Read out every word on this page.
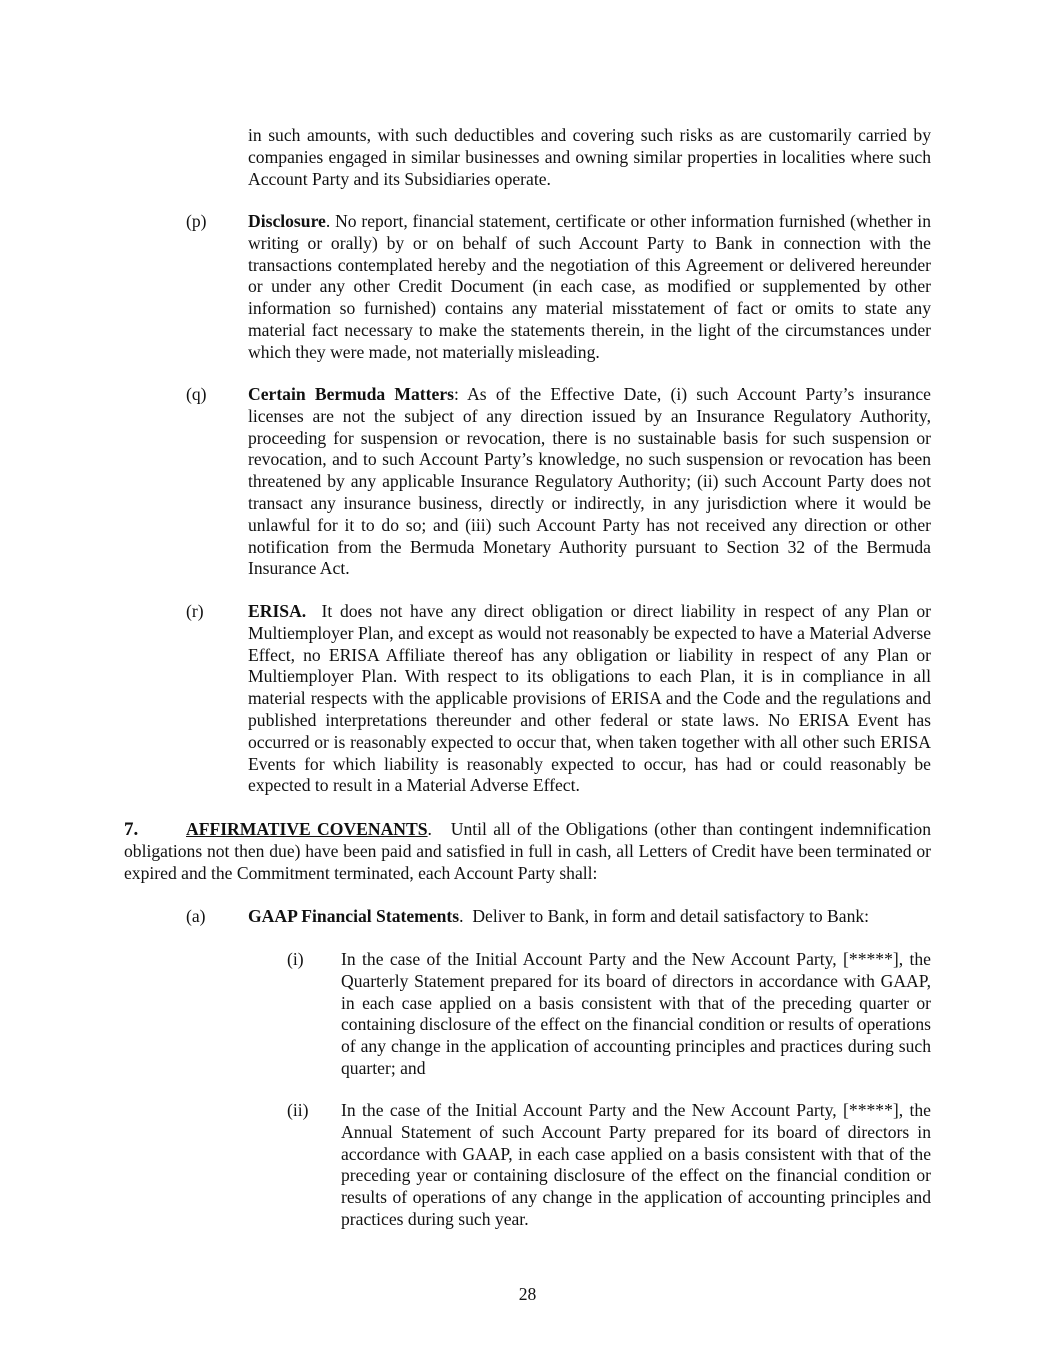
in such amounts, with such deductibles and covering such risks as are customarily carried by companies engaged in similar businesses and owning similar properties in localities where such Account Party and its Subsidiaries operate.

(p) Disclosure. No report, financial statement, certificate or other information furnished (whether in writing or orally) by or on behalf of such Account Party to Bank in connection with the transactions contemplated hereby and the negotiation of this Agreement or delivered hereunder or under any other Credit Document (in each case, as modified or supplemented by other information so furnished) contains any material misstatement of fact or omits to state any material fact necessary to make the statements therein, in the light of the circumstances under which they were made, not materially misleading.

(q) Certain Bermuda Matters: As of the Effective Date, (i) such Account Party’s insurance licenses are not the subject of any direction issued by an Insurance Regulatory Authority, proceeding for suspension or revocation, there is no sustainable basis for such suspension or revocation, and to such Account Party’s knowledge, no such suspension or revocation has been threatened by any applicable Insurance Regulatory Authority; (ii) such Account Party does not transact any insurance business, directly or indirectly, in any jurisdiction where it would be unlawful for it to do so; and (iii) such Account Party has not received any direction or other notification from the Bermuda Monetary Authority pursuant to Section 32 of the Bermuda Insurance Act.

(r)	ERISA. It does not have any direct obligation or direct liability in respect of any Plan or Multiemployer Plan, and except as would not reasonably be expected to have a Material Adverse Effect, no ERISA Affiliate thereof has any obligation or liability in respect of any Plan or Multiemployer Plan. With respect to its obligations to each Plan, it is in compliance in all material respects with the applicable provisions of ERISA and the Code and the regulations and published interpretations thereunder and other federal or state laws. No ERISA Event has occurred or is reasonably expected to occur that, when taken together with all other such ERISA Events for which liability is reasonably expected to occur, has had or could reasonably be expected to result in a Material Adverse Effect.

7.	AFFIRMATIVE COVENANTS. Until all of the Obligations (other than contingent indemnification obligations not then due) have been paid and satisfied in full in cash, all Letters of Credit have been terminated or expired and the Commitment terminated, each Account Party shall:

(a) GAAP Financial Statements.  Deliver to Bank, in form and detail satisfactory to Bank:

(i) In the case of the Initial Account Party and the New Account Party, [*****], the Quarterly Statement prepared for its board of directors in accordance with GAAP, in each case applied on a basis consistent with that of the preceding quarter or containing disclosure of the effect on the financial condition or results of operations of any change in the application of accounting principles and practices during such quarter; and

(ii) In the case of the Initial Account Party and the New Account Party, [*****], the Annual Statement of such Account Party prepared for its board of directors in accordance with GAAP, in each case applied on a basis consistent with that of the preceding year or containing disclosure of the effect on the financial condition or results of operations of any change in the application of accounting principles and practices during such year.

28
